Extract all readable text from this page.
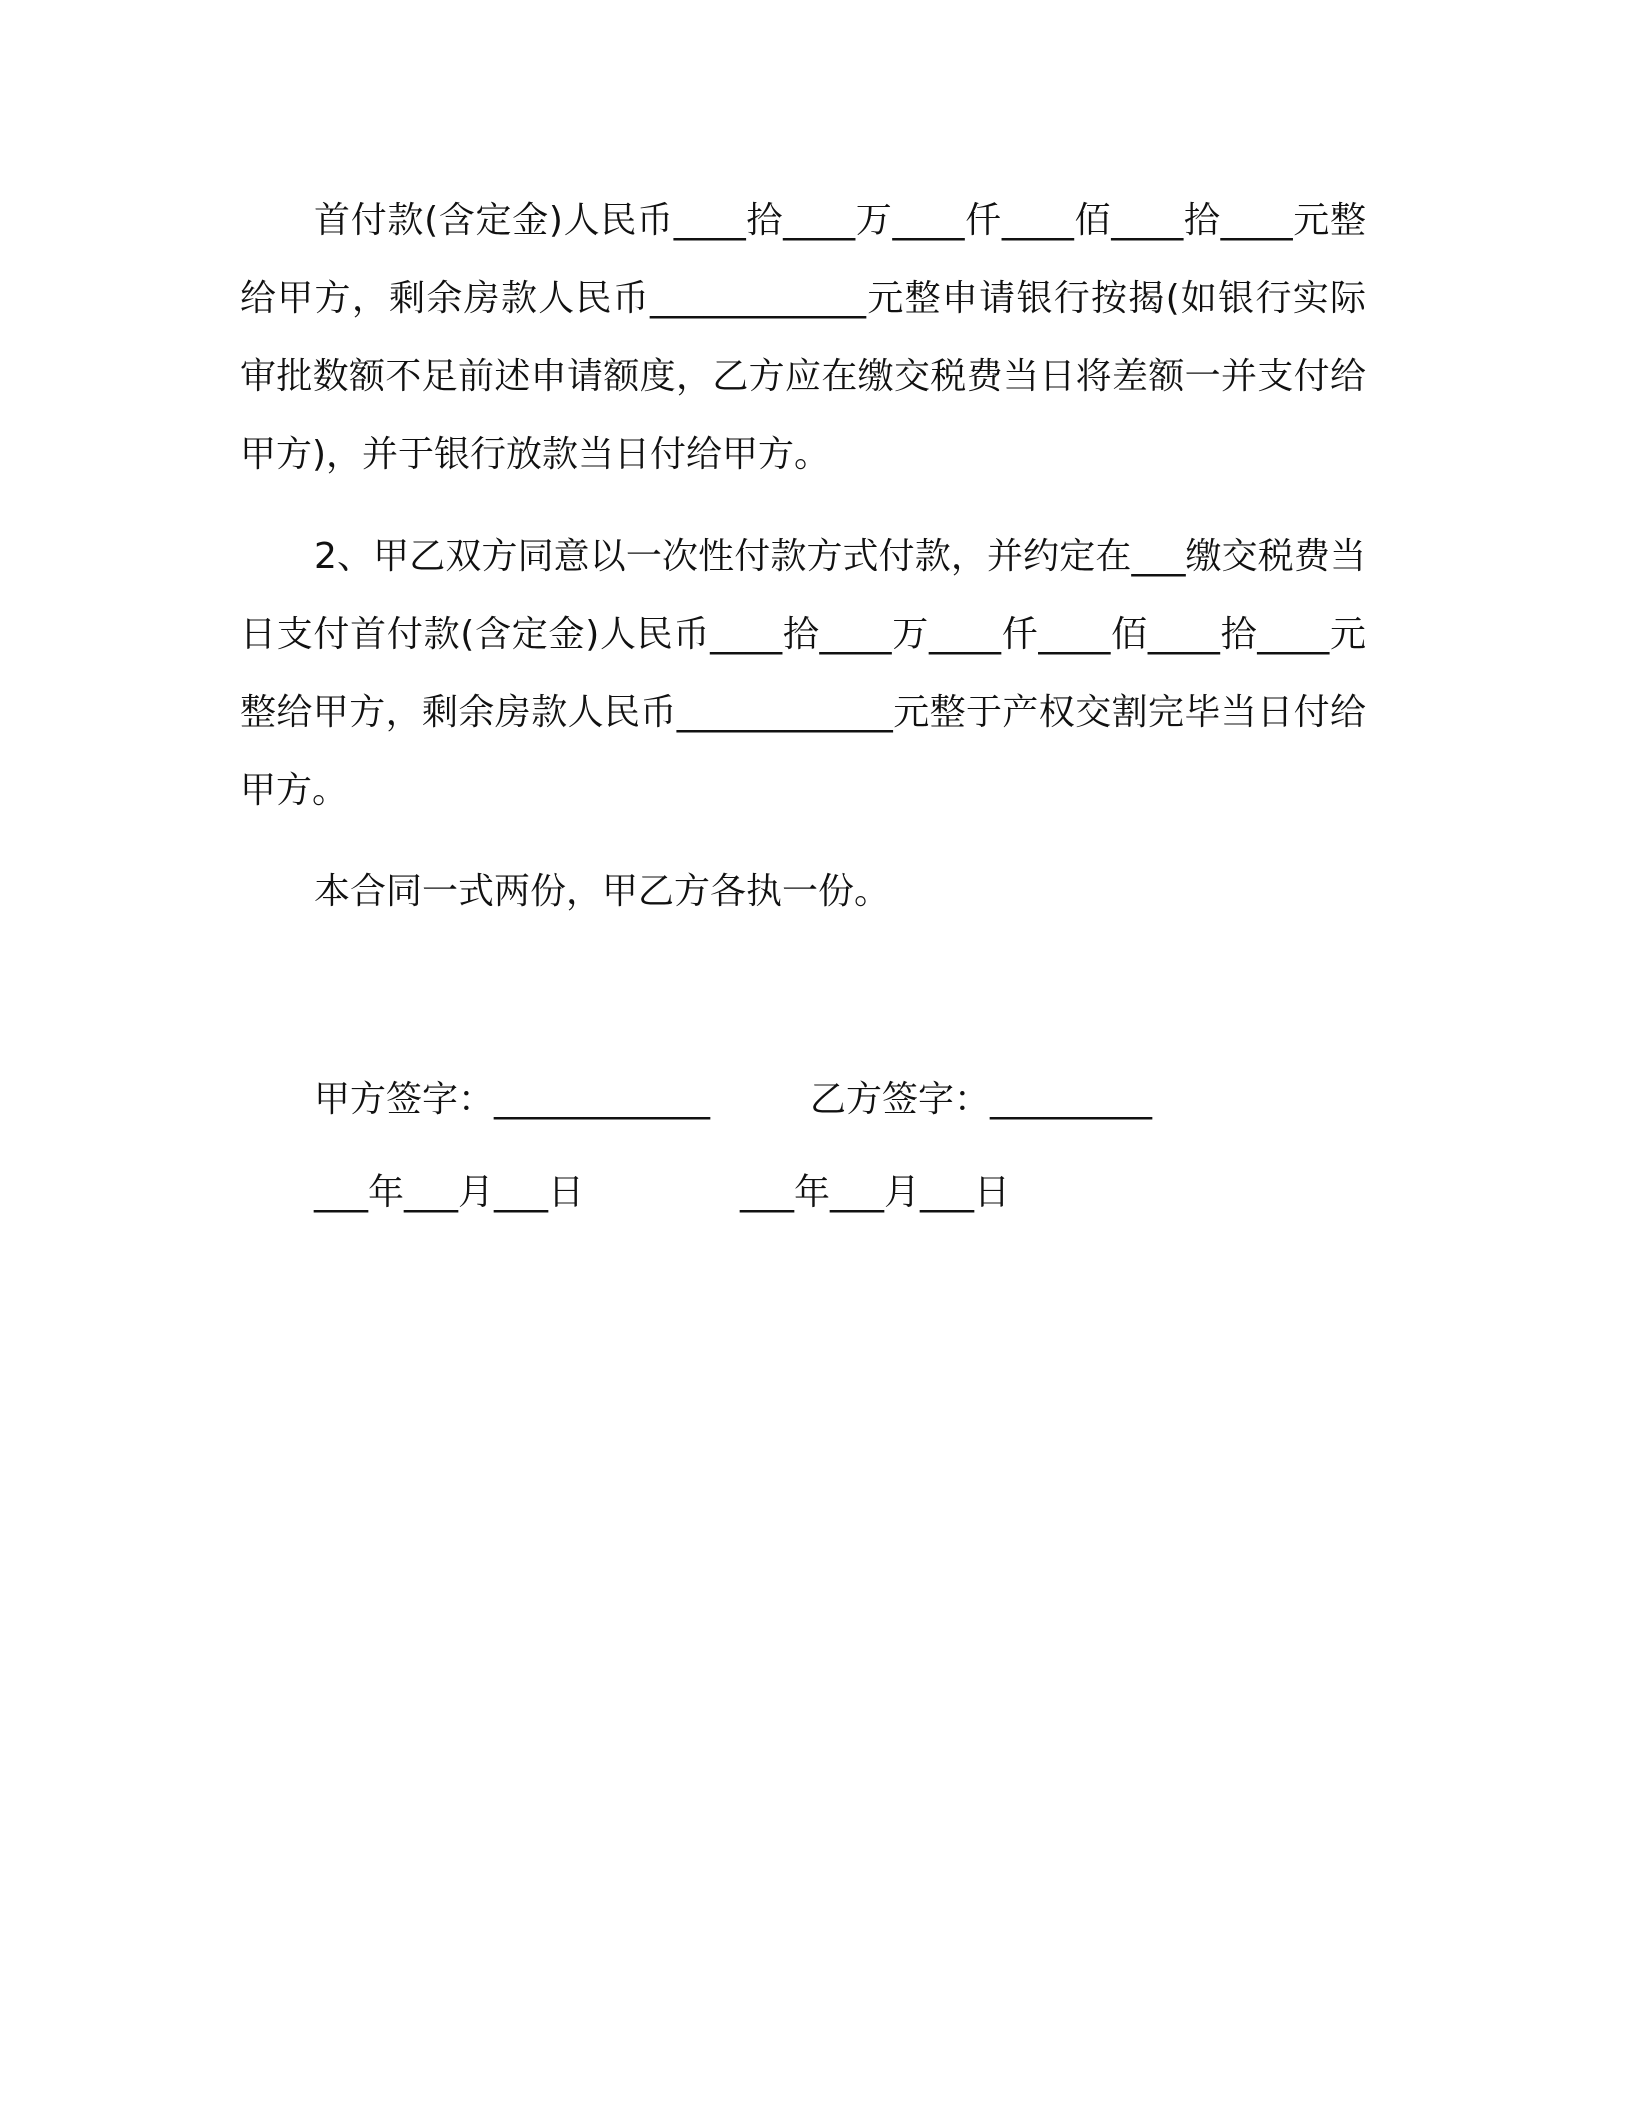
首付款(含定金)人民币____拾____万____仟____佰____拾____元整给甲方，剩余房款人民币____________元整申请银行按揭(如银行实际审批数额不足前述申请额度，乙方应在缴交税费当日将差额一并支付给甲方)，并于银行放款当日付给甲方。

2、甲乙双方同意以一次性付款方式付款，并约定在___缴交税费当日支付首付款(含定金)人民币____拾____万____仟____佰____拾____元整给甲方，剩余房款人民币____________元整于产权交割完毕当日付给甲方。

本合同一式两份，甲乙方各执一份。

甲方签字：____________	乙方签字：_________
___年___月___日	___年___月___日
